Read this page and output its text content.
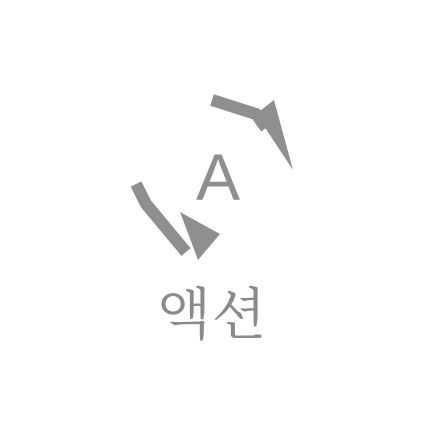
A
액션
